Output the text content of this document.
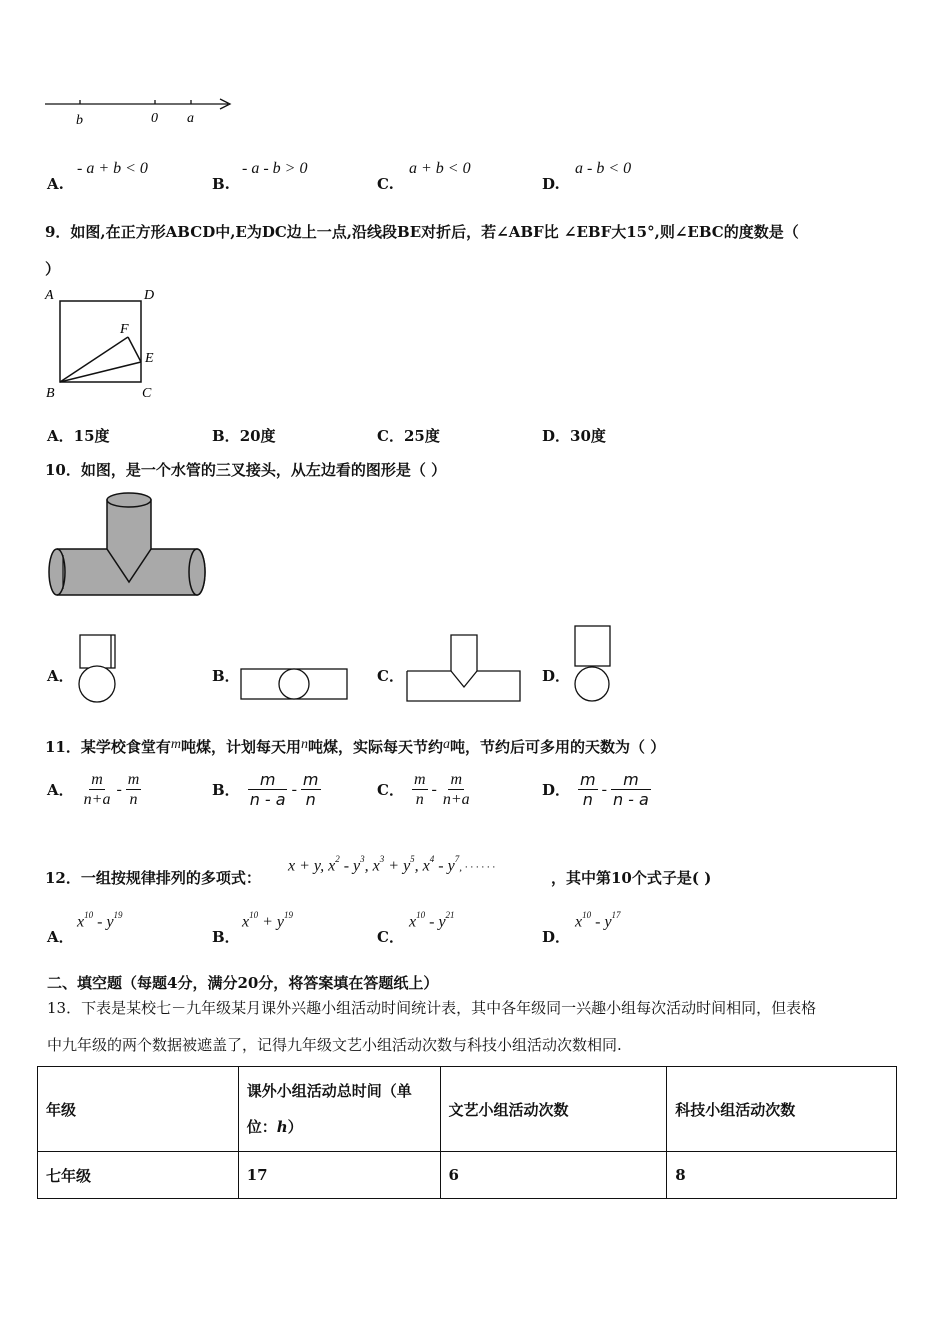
b	0 a
A.
- a + b < 0
B.
- a - b > 0
C.
a + b < 0
D.
a - b < 0
9．如图,在正方形ABCD中,E为DC边上一点,沿线段BE对折后，若∠ABF比 ∠EBF大15°,则∠EBC的度数是（
）
A	D
F
E
B	C
A．15度	B．20度	C．25度	D．30度
10．如图，是一个水管的三叉接头，从左边看的图形是（ ）
A．	B．	C．	D．
11．某学校食堂有m吨煤，计划每天用n吨煤，实际每天节约a吨，节约后可多用的天数为（ ）
A． $\frac{m}{n+a} - \frac{m}{n}$	B． $\frac{m}{n - a} - \frac{m}{n}$	C． $\frac{m}{n} - \frac{m}{n+a}$	D． $\frac{m}{n} - \frac{m}{n - a}$
12．一组按规律排列的多项式：
x + y, $x^2 - y^3$, $x^3 + y^5$, $x^4 - y^7$, · · · · · ·
，其中第10个式子是( )
A．
$x^{10} - y^{19}$
B．
$x^{10} + y^{19}$
C．
$x^{10} - y^{21}$
D．
$x^{10} - y^{17}$
二、填空题（每题4分，满分20分，将答案填在答题纸上）
13．下表是某校七－九年级某月课外兴趣小组活动时间统计表，其中各年级同一兴趣小组每次活动时间相同，但表格
中九年级的两个数据被遮盖了，记得九年级文艺小组活动次数与科技小组活动次数相同.
年级	课外小组活动总时间（单
位：h）	文艺小组活动次数	科技小组活动次数
七年级	17	6	8
